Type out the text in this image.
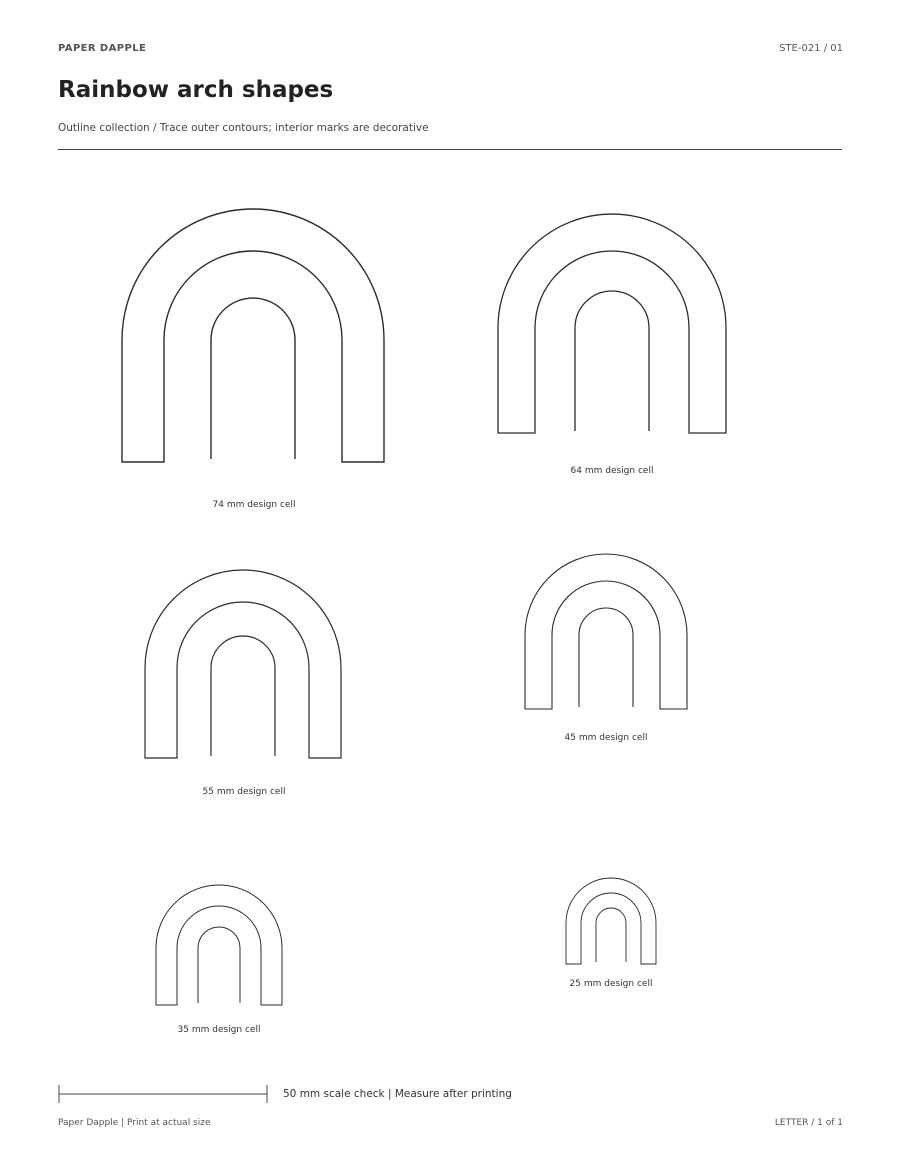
PAPER DAPPLE	STE-021 / 01
Rainbow arch shapes
Outline collection / Trace outer contours; interior marks are decorative
74 mm design cell
64 mm design cell
55 mm design cell
45 mm design cell
35 mm design cell
25 mm design cell
50 mm scale check | Measure after printing
Paper Dapple | Print at actual size	LETTER / 1 of 1
